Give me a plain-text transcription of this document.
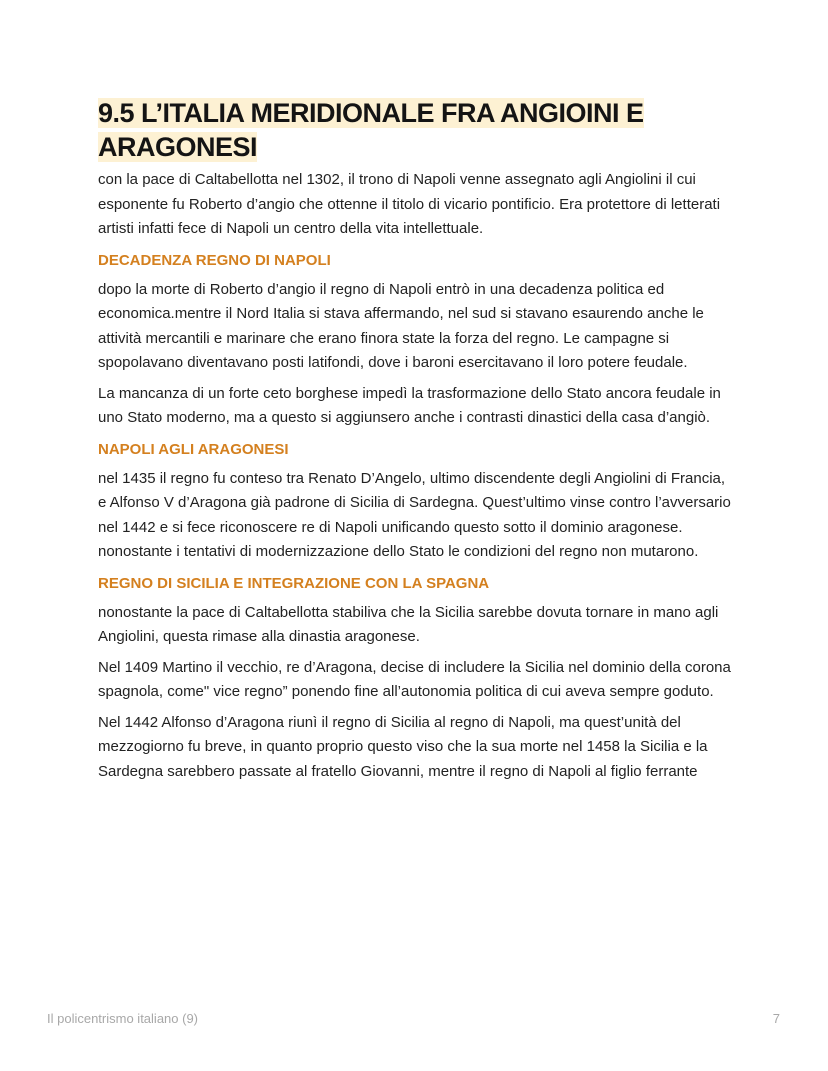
9.5 L’ITALIA MERIDIONALE FRA ANGIOINI E
ARAGONESI

con la pace di Caltabellotta nel 1302, il trono di Napoli venne assegnato agli Angiolini il cui esponente fu Roberto d’angio che ottenne il titolo di vicario pontificio. Era protettore di letterati artisti infatti fece di Napoli un centro della vita intellettuale.

DECADENZA REGNO DI NAPOLI

dopo la morte di Roberto d’angio il regno di Napoli entrò in una decadenza politica ed economica.mentre il Nord Italia si stava affermando, nel sud si stavano esaurendo anche le attività mercantili e marinare che erano finora state la forza del regno. Le campagne si spopolavano diventavano posti latifondi, dove i baroni esercitavano il loro potere feudale.

La mancanza di un forte ceto borghese impedì la trasformazione dello Stato ancora feudale in uno Stato moderno, ma a questo si aggiunsero anche i contrasti dinastici della casa d’angiò.

NAPOLI AGLI ARAGONESI

nel 1435 il regno fu conteso tra Renato D’Angelo, ultimo discendente degli Angiolini di Francia, e Alfonso V d’Aragona già padrone di Sicilia di Sardegna. Quest’ultimo vinse contro l’avversario nel 1442 e si fece riconoscere re di Napoli unificando questo sotto il dominio aragonese. nonostante i tentativi di modernizzazione dello Stato le condizioni del regno non mutarono.

REGNO DI SICILIA E INTEGRAZIONE CON LA SPAGNA

nonostante la pace di Caltabellotta stabiliva che la Sicilia sarebbe dovuta tornare in mano agli Angiolini, questa rimase alla dinastia aragonese.

Nel 1409 Martino il vecchio, re d’Aragona, decise di includere la Sicilia nel dominio della corona spagnola, come" vice regno” ponendo fine all’autonomia politica di cui aveva sempre goduto.

Nel 1442 Alfonso d’Aragona riunì il regno di Sicilia al regno di Napoli, ma quest’unità del mezzogiorno fu breve, in quanto proprio questo viso che la sua morte nel 1458 la Sicilia e la Sardegna sarebbero passate al fratello Giovanni, mentre il regno di Napoli al figlio ferrante

Il policentrismo italiano (9)	7
